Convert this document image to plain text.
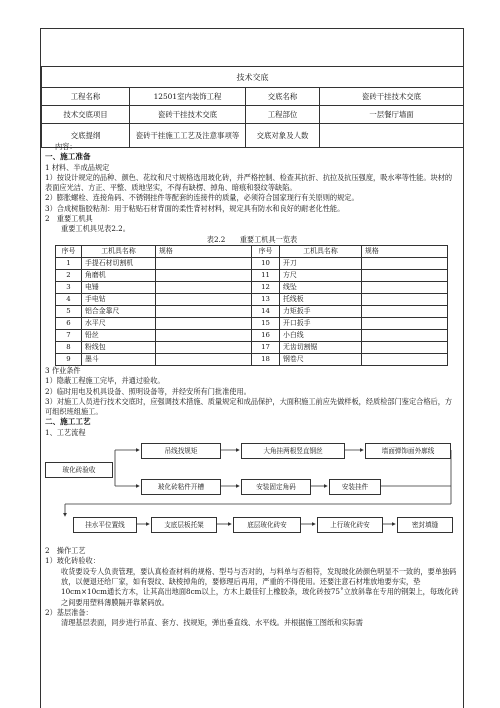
技术交底			
工程名称	12501室内装饰工程	交底名称	瓷砖干挂技术交底
技术交底项目	瓷砖干挂技术交底	工程部位	一层餐厅墙面
交底提纲	瓷砖干挂施工工艺及注意事项等	交底对象及人数	

内容：

一、施工准备

1 材料、半成品规定

1）按设计规定的品种、颜色、花纹和尺寸规格选用玻化砖，并严格控制、检查其抗折、抗拉及抗压强度，吸水率等性能。块材的表面应光洁、方正、平整、质地坚实，不得有缺楞、掉角、暗痕和裂纹等缺陷。

2）膨胀螺栓、连接角码、不锈钢挂件等配套的连接件的质量，必须符合国家现行有关原则的规定。

3）合成树脂胶粘剂：用于粘贴石材背面的柔性背衬材料，规定具有防水和良好的耐老化性能。

2　重要工机具

重要工机具见表2.2。

表2.2　　重要工机具一览表

序号	工机具名称	规格	序号	工机具名称	规格
1	手提石材切割机		10	开刀	
2	角磨机		11	方尺	
3	电锤		12	线坠	
4	手电钻		13	托线板	
5	铝合金靠尺		14	力矩扳手	
6	水平尺		15	开口扳手	
7	铅丝		16	小白线	
8	粉线包		17	无齿切割锯	
9	墨斗		18	钢卷尺	

3 作业条件

1）隐蔽工程施工完毕，并通过验收。

2）临时用电及机具设备、照明设备等，并经安所有门批准使用。

3）对施工人员进行技术交底时，应强调技术措施、质量规定和成品保护，大面积施工前应先做样板，经质检部门鉴定合格后，方可组织班组施工。

二、施工工艺

1、工艺流程

玻化砖验收
吊线找规矩	大角挂两根竖直钢丝	墙面弹饰面外廓线
玻化砖粘件开槽	安装固定角码	安装挂件
挂水平位置线	支底层板托架	底层玻化砖安	上行玻化砖安	密封填缝

2　操作工艺

1）玻化砖验收：

收货要设专人负责管理，要认真检查材料的规格、型号与否对的，与料单与否相符，发现玻化砖颜色明显不一致的，要单独码放，以便退还给厂家，如有裂纹、缺棱掉角的，要修理后再用，严重的不得使用。还要注意石材堆放地要夯实，垫10cm×10cm通长方木，让其高出地面8cm以上，方木上最佳钉上橡胶条，玻化砖按75˚立放斜靠在专用的钢架上，每玻化砖之间要用塑料薄膜隔开靠紧码放。

2）基层准备：

清理基层表面，同步进行吊直、套方、找规矩，弹出垂直线、水平线。并根据施工图纸和实际需
